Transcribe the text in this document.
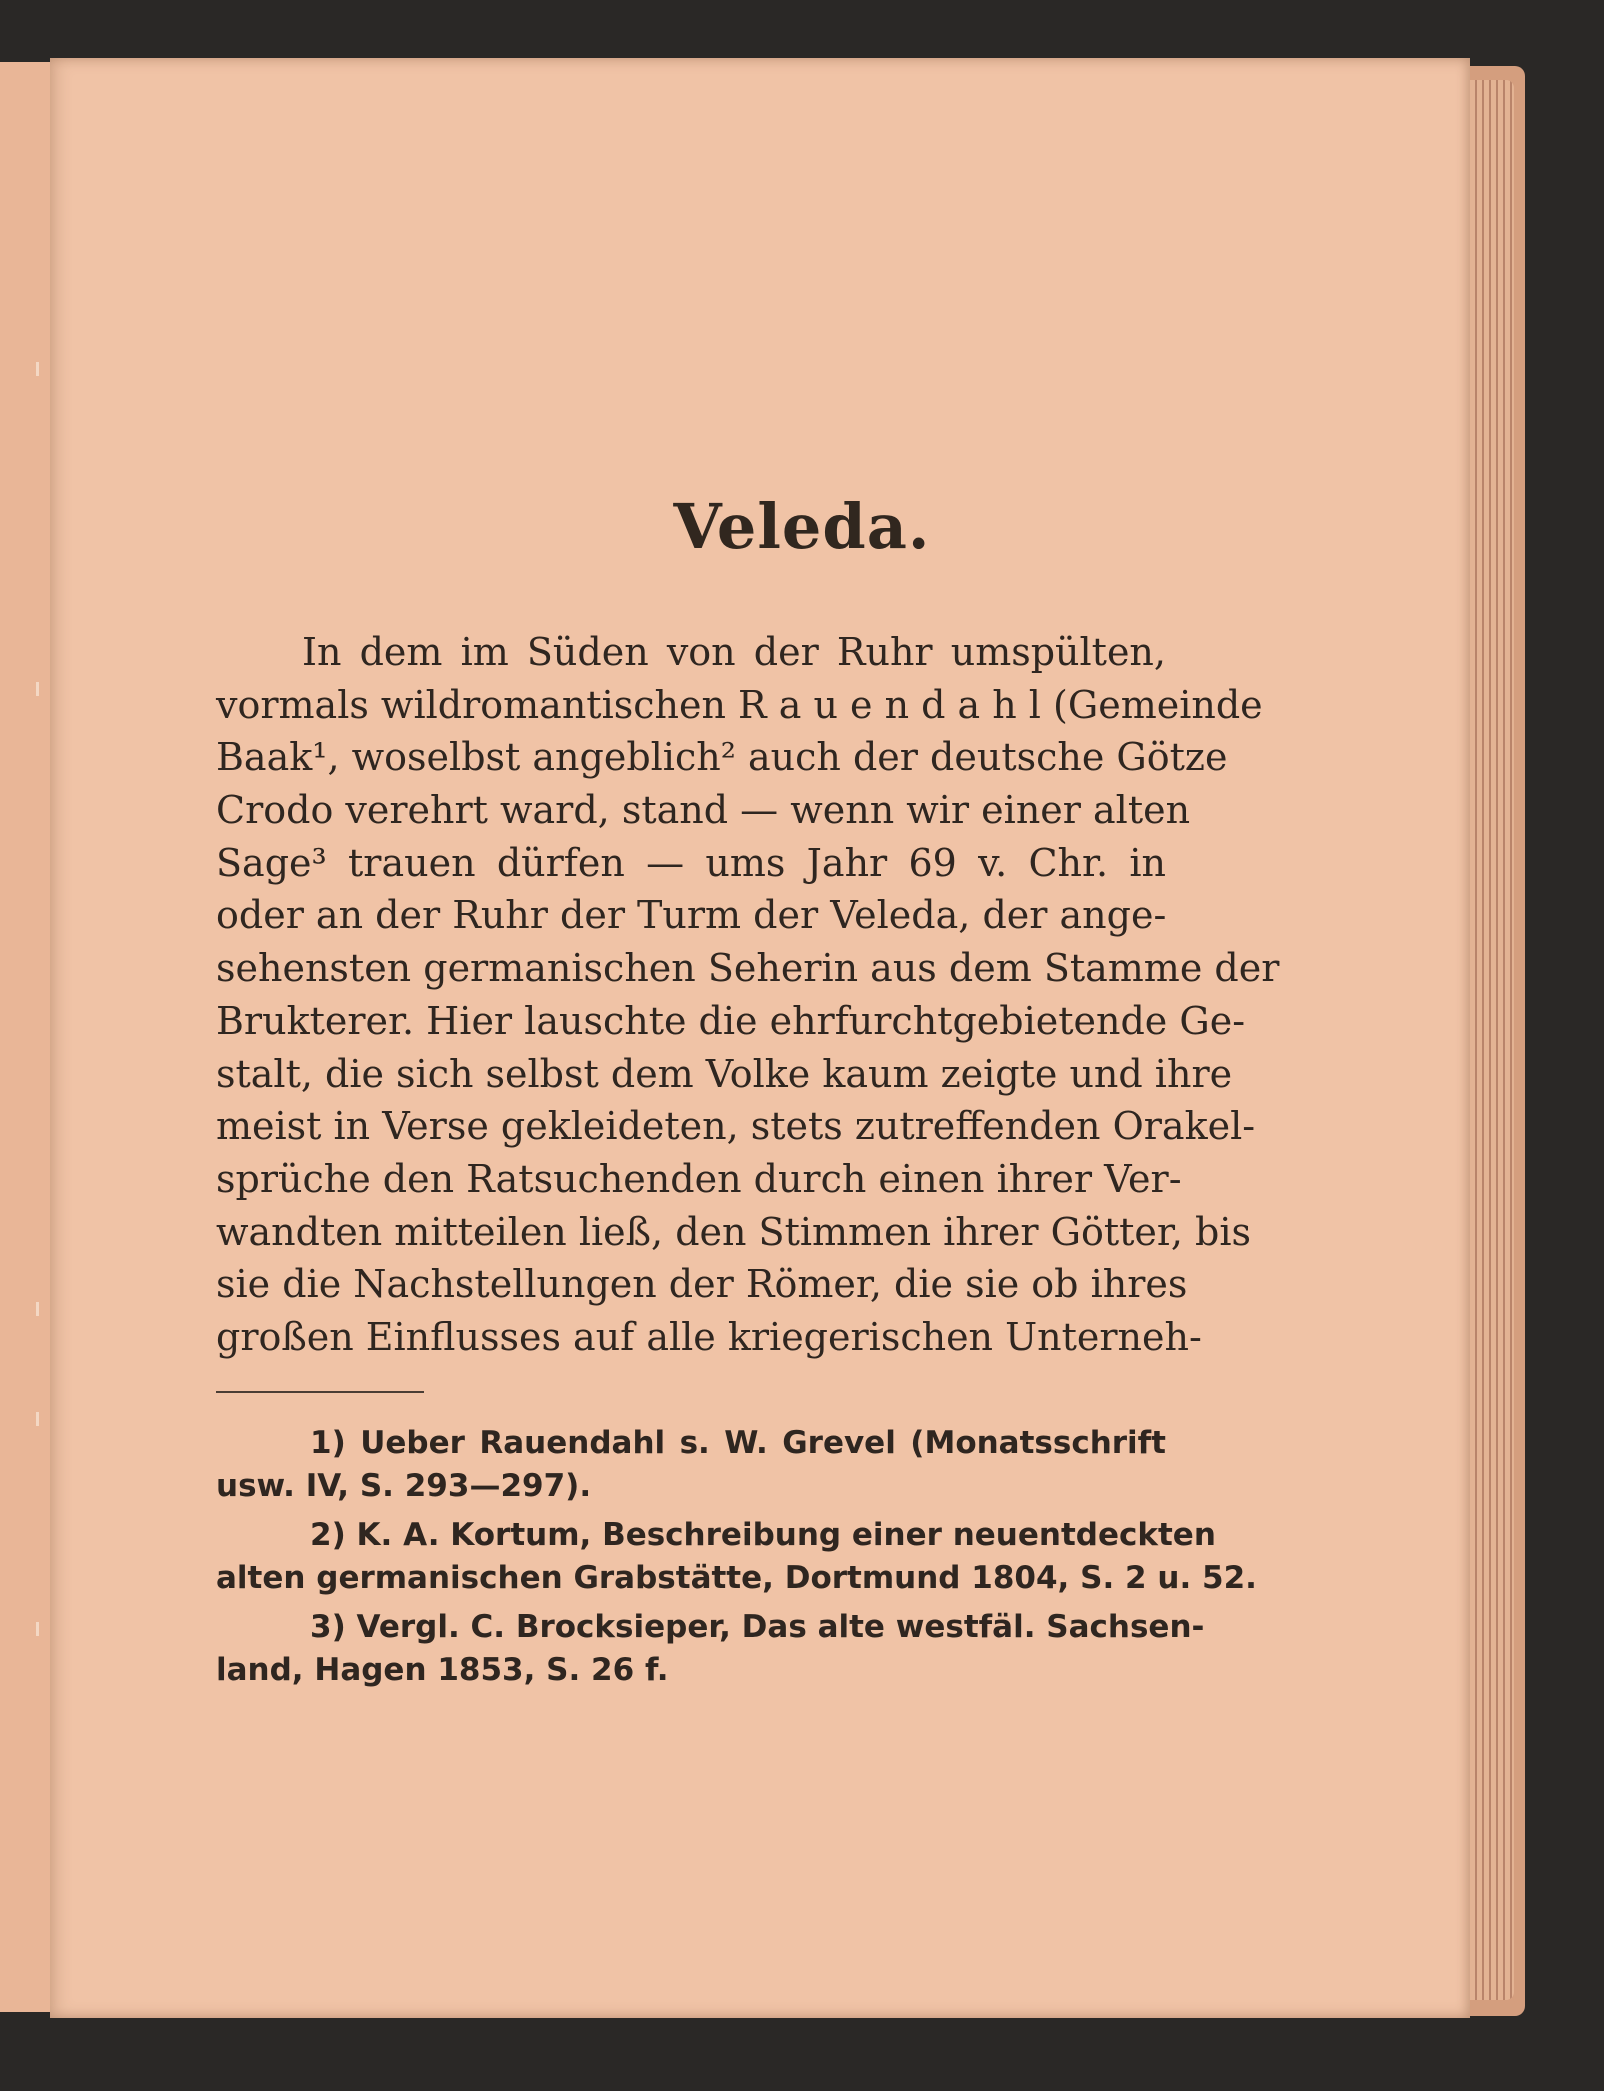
Veleda.
In dem im Süden von der Ruhr umspülten,
vormals wildromantischen R a u e n d a h l (Gemeinde
Baak¹, woselbst angeblich² auch der deutsche Götze
Crodo verehrt ward, stand — wenn wir einer alten
Sage³ trauen dürfen — ums Jahr 69 v. Chr. in
oder an der Ruhr der Turm der Veleda, der ange-
sehensten germanischen Seherin aus dem Stamme der
Brukterer. Hier lauschte die ehrfurchtgebietende Ge-
stalt, die sich selbst dem Volke kaum zeigte und ihre
meist in Verse gekleideten, stets zutreffenden Orakel-
sprüche den Ratsuchenden durch einen ihrer Ver-
wandten mitteilen ließ, den Stimmen ihrer Götter, bis
sie die Nachstellungen der Römer, die sie ob ihres
großen Einflusses auf alle kriegerischen Unterneh-
1) Ueber Rauendahl s. W. Grevel (Monatsschrift
usw. IV, S. 293—297).
2) K. A. Kortum, Beschreibung einer neuentdeckten
alten germanischen Grabstätte, Dortmund 1804, S. 2 u. 52.
3) Vergl. C. Brocksieper, Das alte westfäl. Sachsen-
land, Hagen 1853, S. 26 f.
